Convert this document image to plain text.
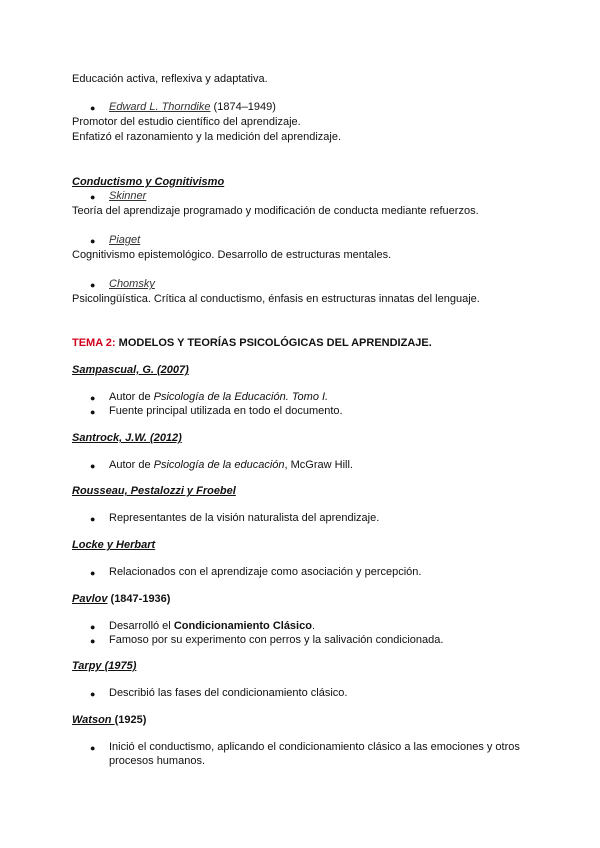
Educación activa, reflexiva y adaptativa.
● Edward L. Thorndike (1874–1949)
Promotor del estudio científico del aprendizaje.
Enfatizó el razonamiento y la medición del aprendizaje.
Conductismo y Cognitivismo
● Skinner
Teoría del aprendizaje programado y modificación de conducta mediante refuerzos.
● Piaget
Cognitivismo epistemológico. Desarrollo de estructuras mentales.
● Chomsky
Psicolingüística. Crítica al conductismo, énfasis en estructuras innatas del lenguaje.
TEMA 2: MODELOS Y TEORÍAS PSICOLÓGICAS DEL APRENDIZAJE.
Sampascual, G. (2007)
● Autor de Psicología de la Educación. Tomo I.
● Fuente principal utilizada en todo el documento.
Santrock, J.W. (2012)
● Autor de Psicología de la educación, McGraw Hill.
Rousseau, Pestalozzi y Froebel
● Representantes de la visión naturalista del aprendizaje.
Locke y Herbart
● Relacionados con el aprendizaje como asociación y percepción.
Pavlov (1847-1936)
● Desarrolló el Condicionamiento Clásico.
● Famoso por su experimento con perros y la salivación condicionada.
Tarpy (1975)
● Describió las fases del condicionamiento clásico.
Watson (1925)
● Inició el conductismo, aplicando el condicionamiento clásico a las emociones y otros
procesos humanos.
